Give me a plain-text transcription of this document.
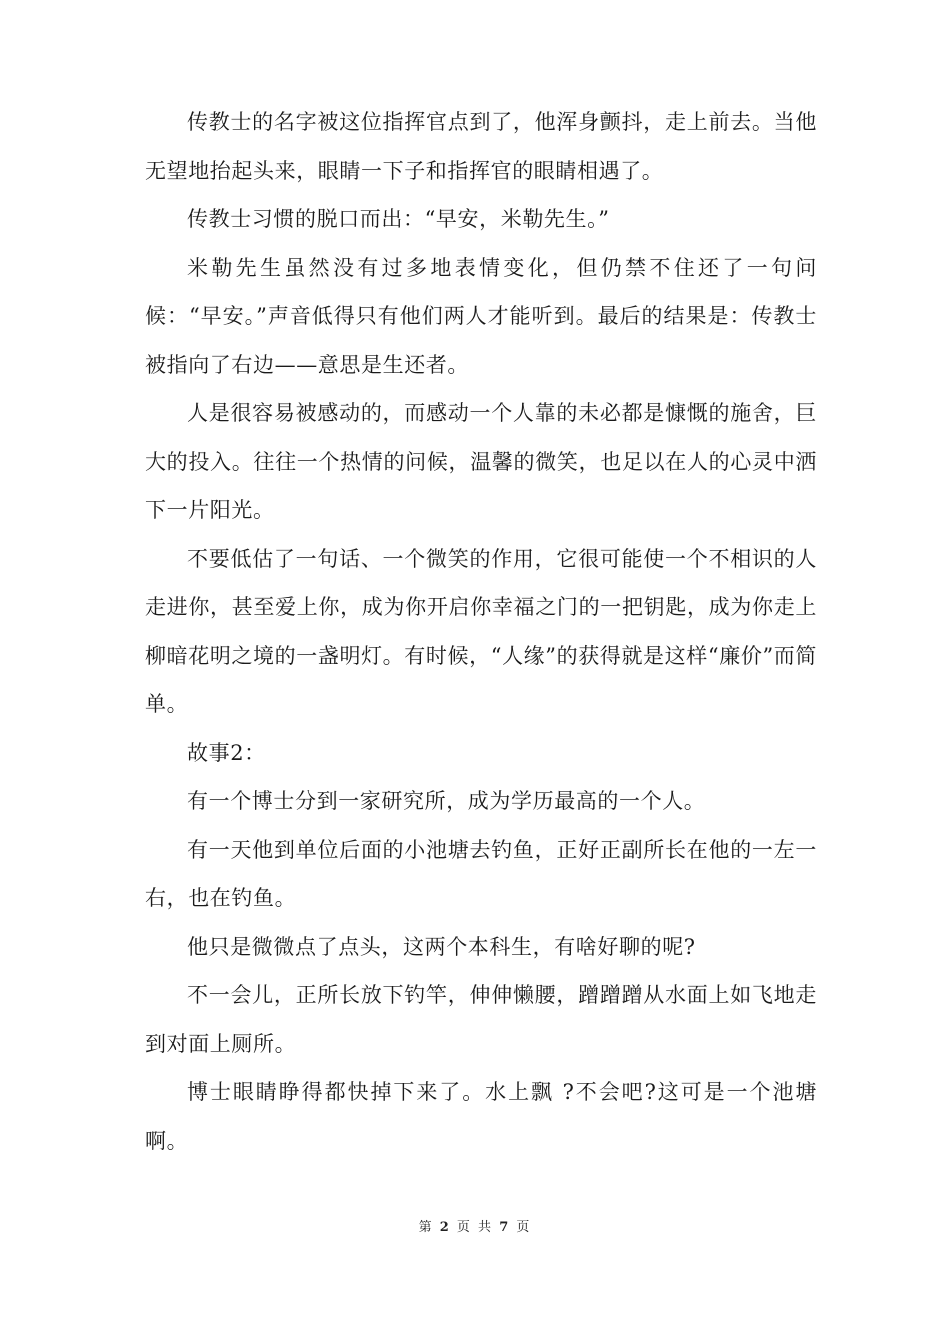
传教士的名字被这位指挥官点到了，他浑身颤抖，走上前去。当他无望地抬起头来，眼睛一下子和指挥官的眼睛相遇了。

传教士习惯的脱口而出：“早安，米勒先生。”

米勒先生虽然没有过多地表情变化，但仍禁不住还了一句问候：“早安。”声音低得只有他们两人才能听到。最后的结果是：传教士被指向了右边——意思是生还者。

人是很容易被感动的，而感动一个人靠的未必都是慷慨的施舍，巨大的投入。往往一个热情的问候，温馨的微笑，也足以在人的心灵中洒下一片阳光。

不要低估了一句话、一个微笑的作用，它很可能使一个不相识的人走进你，甚至爱上你，成为你开启你幸福之门的一把钥匙，成为你走上柳暗花明之境的一盏明灯。有时候，“人缘”的获得就是这样“廉价”而简单。

故事2：

有一个博士分到一家研究所，成为学历最高的一个人。

有一天他到单位后面的小池塘去钓鱼，正好正副所长在他的一左一右，也在钓鱼。

他只是微微点了点头，这两个本科生，有啥好聊的呢?

不一会儿，正所长放下钓竿，伸伸懒腰，蹭蹭蹭从水面上如飞地走到对面上厕所。

博士眼睛睁得都快掉下来了。水上飘 ?不会吧?这可是一个池塘啊。

第 2 页 共 7 页
